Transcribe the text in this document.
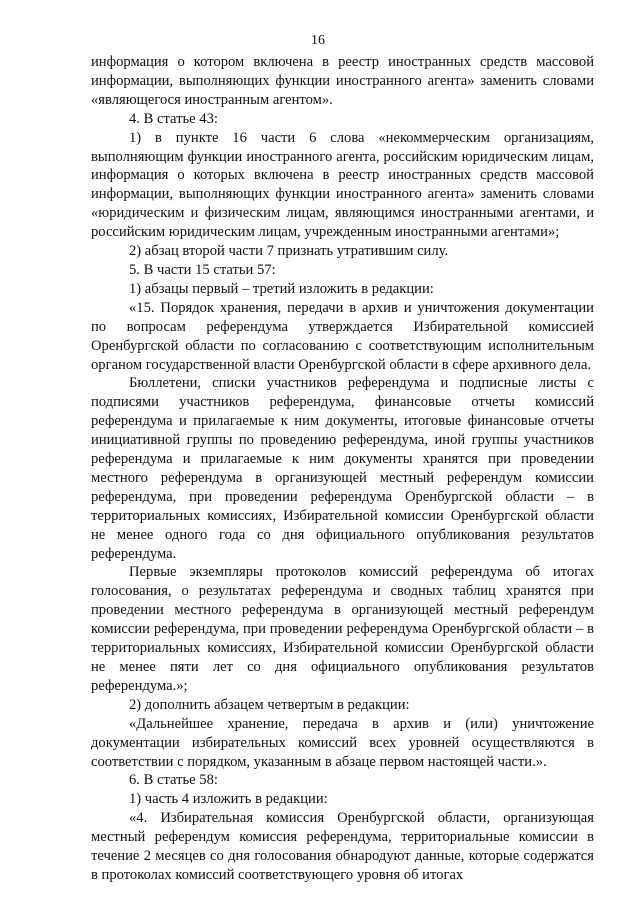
16

информация о котором включена в реестр иностранных средств массовой информации, выполняющих функции иностранного агента» заменить словами «являющегося иностранным агентом».

4. В статье 43:

1) в пункте 16 части 6 слова «некоммерческим организациям, выполняющим функции иностранного агента, российским юридическим лицам, информация о которых включена в реестр иностранных средств массовой информации, выполняющих функции иностранного агента» заменить словами «юридическим и физическим лицам, являющимся иностранными агентами, и российским юридическим лицам, учрежденным иностранными агентами»;

2) абзац второй части 7 признать утратившим силу.

5. В части 15 статьи 57:

1) абзацы первый – третий изложить в редакции:

«15. Порядок хранения, передачи в архив и уничтожения документации по вопросам референдума утверждается Избирательной комиссией Оренбургской области по согласованию с соответствующим исполнительным органом государственной власти Оренбургской области в сфере архивного дела.

Бюллетени, списки участников референдума и подписные листы с подписями участников референдума, финансовые отчеты комиссий референдума и прилагаемые к ним документы, итоговые финансовые отчеты инициативной группы по проведению референдума, иной группы участников референдума и прилагаемые к ним документы хранятся при проведении местного референдума в организующей местный референдум комиссии референдума, при проведении референдума Оренбургской области – в территориальных комиссиях, Избирательной комиссии Оренбургской области не менее одного года со дня официального опубликования результатов референдума.

Первые экземпляры протоколов комиссий референдума об итогах голосования, о результатах референдума и сводных таблиц хранятся при проведении местного референдума в организующей местный референдум комиссии референдума, при проведении референдума Оренбургской области – в территориальных комиссиях, Избирательной комиссии Оренбургской области не менее пяти лет со дня официального опубликования результатов референдума.»;

2) дополнить абзацем четвертым в редакции:

«Дальнейшее хранение, передача в архив и (или) уничтожение документации избирательных комиссий всех уровней осуществляются в соответствии с порядком, указанным в абзаце первом настоящей части.».

6. В статье 58:

1) часть 4 изложить в редакции:

«4. Избирательная комиссия Оренбургской области, организующая местный референдум комиссия референдума, территориальные комиссии в течение 2 месяцев со дня голосования обнародуют данные, которые содержатся в протоколах комиссий соответствующего уровня об итогах
